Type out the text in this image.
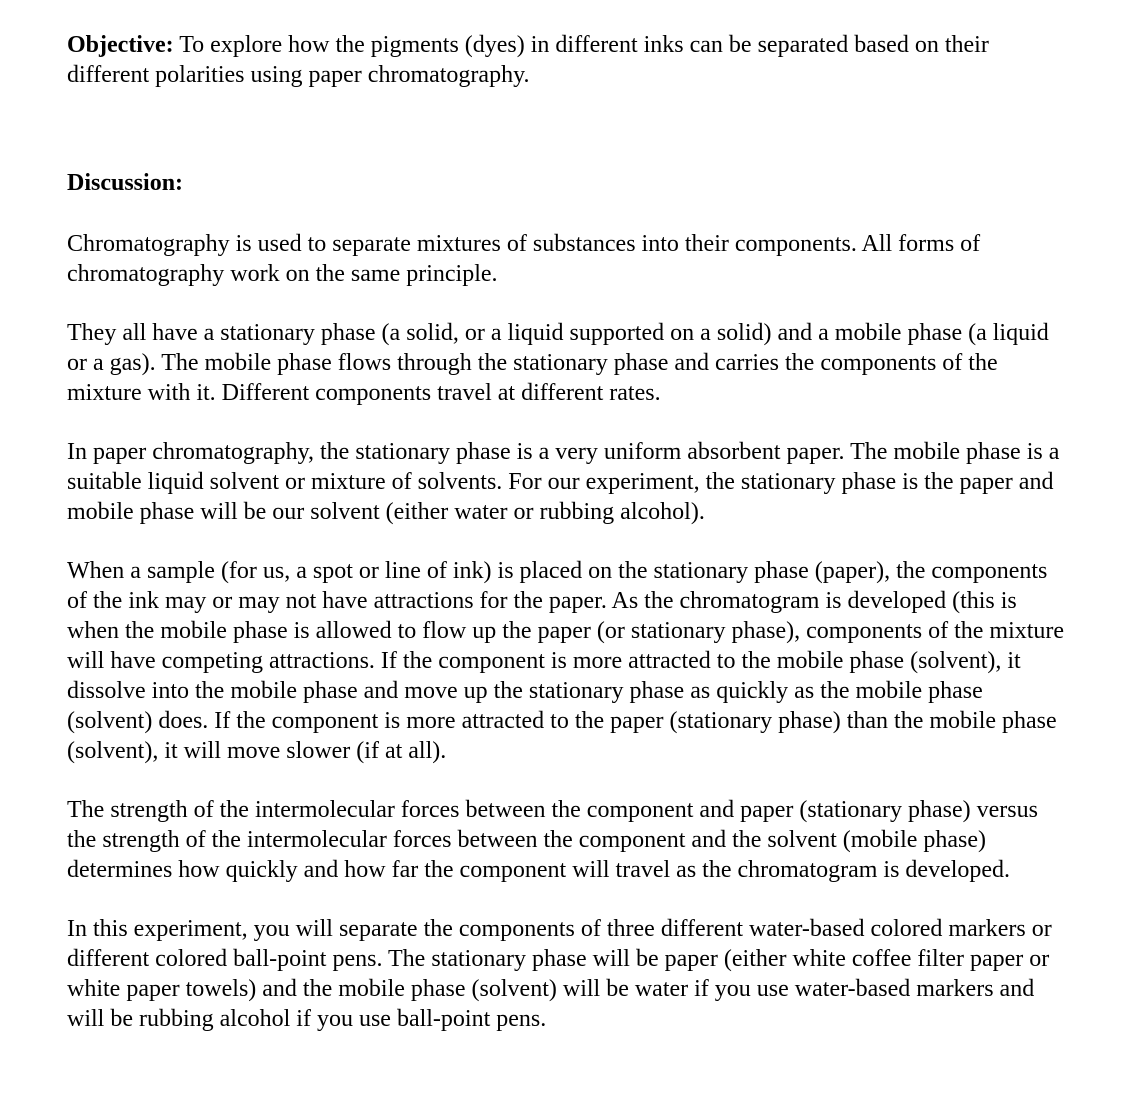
Objective: To explore how the pigments (dyes) in different inks can be separated based on their different polarities using paper chromatography.

Discussion:

Chromatography is used to separate mixtures of substances into their components. All forms of chromatography work on the same principle.

They all have a stationary phase (a solid, or a liquid supported on a solid) and a mobile phase (a liquid or a gas). The mobile phase flows through the stationary phase and carries the components of the mixture with it. Different components travel at different rates.

In paper chromatography, the stationary phase is a very uniform absorbent paper. The mobile phase is a suitable liquid solvent or mixture of solvents. For our experiment, the stationary phase is the paper and mobile phase will be our solvent (either water or rubbing alcohol).

When a sample (for us, a spot or line of ink) is placed on the stationary phase (paper), the components of the ink may or may not have attractions for the paper. As the chromatogram is developed (this is when the mobile phase is allowed to flow up the paper (or stationary phase), components of the mixture will have competing attractions. If the component is more attracted to the mobile phase (solvent), it dissolve into the mobile phase and move up the stationary phase as quickly as the mobile phase (solvent) does. If the component is more attracted to the paper (stationary phase) than the mobile phase (solvent), it will move slower (if at all).

The strength of the intermolecular forces between the component and paper (stationary phase) versus the strength of the intermolecular forces between the component and the solvent (mobile phase) determines how quickly and how far the component will travel as the chromatogram is developed.

In this experiment, you will separate the components of three different water-based colored markers or different colored ball-point pens. The stationary phase will be paper (either white coffee filter paper or white paper towels) and the mobile phase (solvent) will be water if you use water-based markers and will be rubbing alcohol if you use ball-point pens.
